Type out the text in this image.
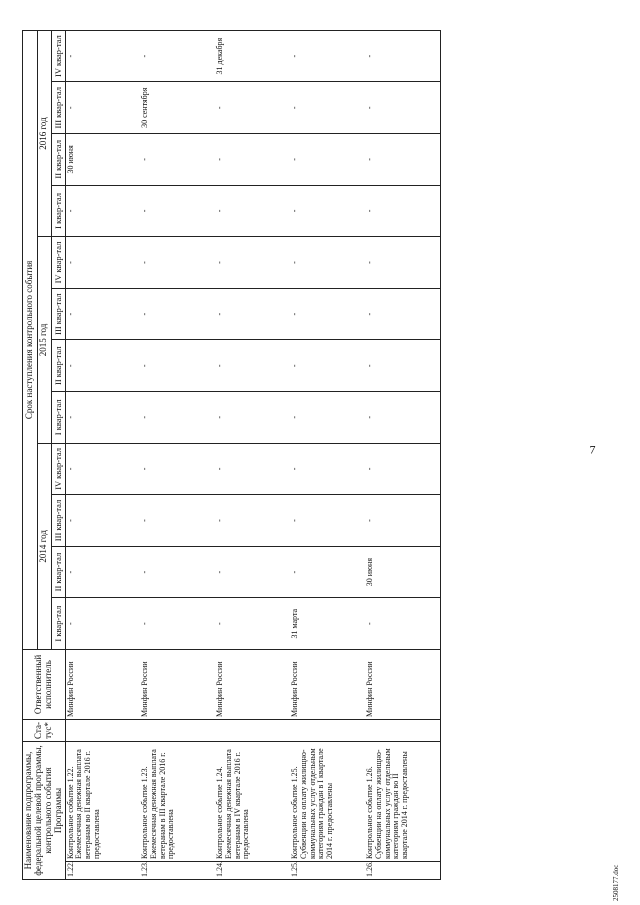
7
Наименование подпрограммы, федеральной целевой программы, контрольного события Программы		Ста-тус*	Ответственный исполнитель	Срок наступления контрольного события											
				2014 год				2015 год				2016 год			
				I квар-тал	II квар-тал	III квар-тал	IV квар-тал	I квар-тал	II квар-тал	III квар-тал	IV квар-тал	I квар-тал	II квар-тал	III квар-тал	IV квар-тал
1.22.	Контрольное событие 1.22. Ежемесячная денежная выплата ветеранам во II квартале 2016 г. предоставлена		Минфин России	-	-	-	-	-	-	-	-	-	30 июня	-	-
1.23.	Контрольное событие 1.23. Ежемесячная денежная выплата ветеранам в III квартале 2016 г. предоставлена		Минфин России	-	-	-	-	-	-	-	-	-	-	30 сентября	-
1.24.	Контрольное событие 1.24. Ежемесячная денежная выплата ветеранам в IV квартале 2016 г. предоставлена		Минфин России	-	-	-	-	-	-	-	-	-	-	-	31 декабря
1.25.	Контрольное событие 1.25. Субвенции на оплату жилищно-коммунальных услуг отдельным категориям граждан в I квартале 2014 г. предоставлены		Минфин России	31 марта	-	-	-	-	-	-	-	-	-	-	-
1.26.	Контрольное событие 1.26. Субвенции на оплату жилищно-коммунальных услуг отдельным категориям граждан во II квартале 2014 г. предоставлены		Минфин России	-	30 июня	-	-	-	-	-	-	-	-	-	-
2508177.doc
